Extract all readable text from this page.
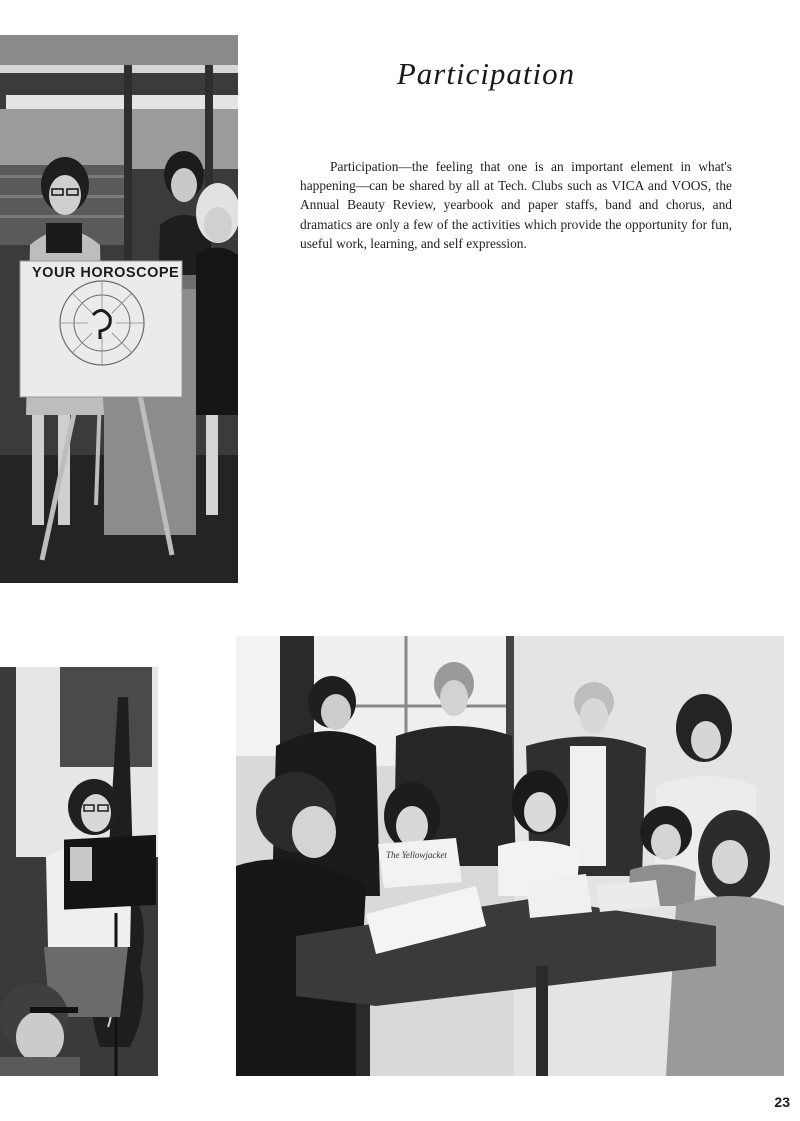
YOUR HOROSCOPE
Participation
Participation—the feeling that one is an important element in what's happening—can be shared by all at Tech. Clubs such as VICA and VOOS, the Annual Beauty Review, yearbook and paper staffs, band and chorus, and dramatics are only a few of the activities which provide the opportunity for fun, useful work, learning, and self expression.
The Yellowjacket
23
